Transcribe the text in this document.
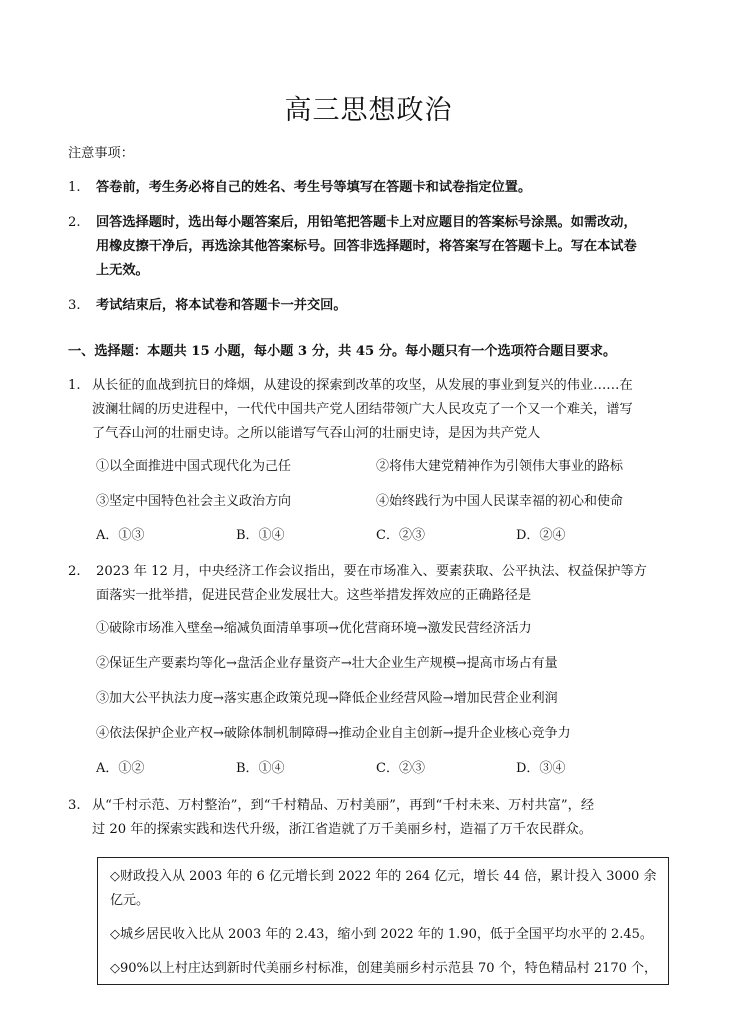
高三思想政治
注意事项：
1. 答卷前，考生务必将自己的姓名、考生号等填写在答题卡和试卷指定位置。
2. 回答选择题时，选出每小题答案后，用铅笔把答题卡上对应题目的答案标号涂黑。如需改动，
用橡皮擦干净后，再选涂其他答案标号。回答非选择题时，将答案写在答题卡上。写在本试卷
上无效。
3. 考试结束后，将本试卷和答题卡一并交回。
一、选择题：本题共 15 小题，每小题 3 分，共 45 分。每小题只有一个选项符合题目要求。
1. 从长征的血战到抗日的烽烟，从建设的探索到改革的攻坚，从发展的事业到复兴的伟业……在
波澜壮阔的历史进程中，一代代中国共产党人团结带领广大人民攻克了一个又一个难关，谱写
了气吞山河的壮丽史诗。之所以能谱写气吞山河的壮丽史诗，是因为共产党人
①以全面推进中国式现代化为己任	②将伟大建党精神作为引领伟大事业的路标
③坚定中国特色社会主义政治方向	④始终践行为中国人民谋幸福的初心和使命
A．①③	B．①④	C．②③	D．②④
2. 2023 年 12 月，中央经济工作会议指出，要在市场准入、要素获取、公平执法、权益保护等方
面落实一批举措，促进民营企业发展壮大。这些举措发挥效应的正确路径是
①破除市场准入壁垒→缩减负面清单事项→优化营商环境→激发民营经济活力
②保证生产要素均等化→盘活企业存量资产→壮大企业生产规模→提高市场占有量
③加大公平执法力度→落实惠企政策兑现→降低企业经营风险→增加民营企业利润
④依法保护企业产权→破除体制机制障碍→推动企业自主创新→提升企业核心竞争力
A．①②	B．①④	C．②③	D．③④
3. 从“千村示范、万村整治”，到“千村精品、万村美丽”，再到“千村未来、万村共富”，经
过 20 年的探索实践和迭代升级，浙江省造就了万千美丽乡村，造福了万千农民群众。
◇财政投入从 2003 年的 6 亿元增长到 2022 年的 264 亿元，增长 44 倍，累计投入 3000 余
亿元。
◇城乡居民收入比从 2003 年的 2.43，缩小到 2022 年的 1.90，低于全国平均水平的 2.45。
◇90%以上村庄达到新时代美丽乡村标准，创建美丽乡村示范县 70 个，特色精品村 2170 个，
